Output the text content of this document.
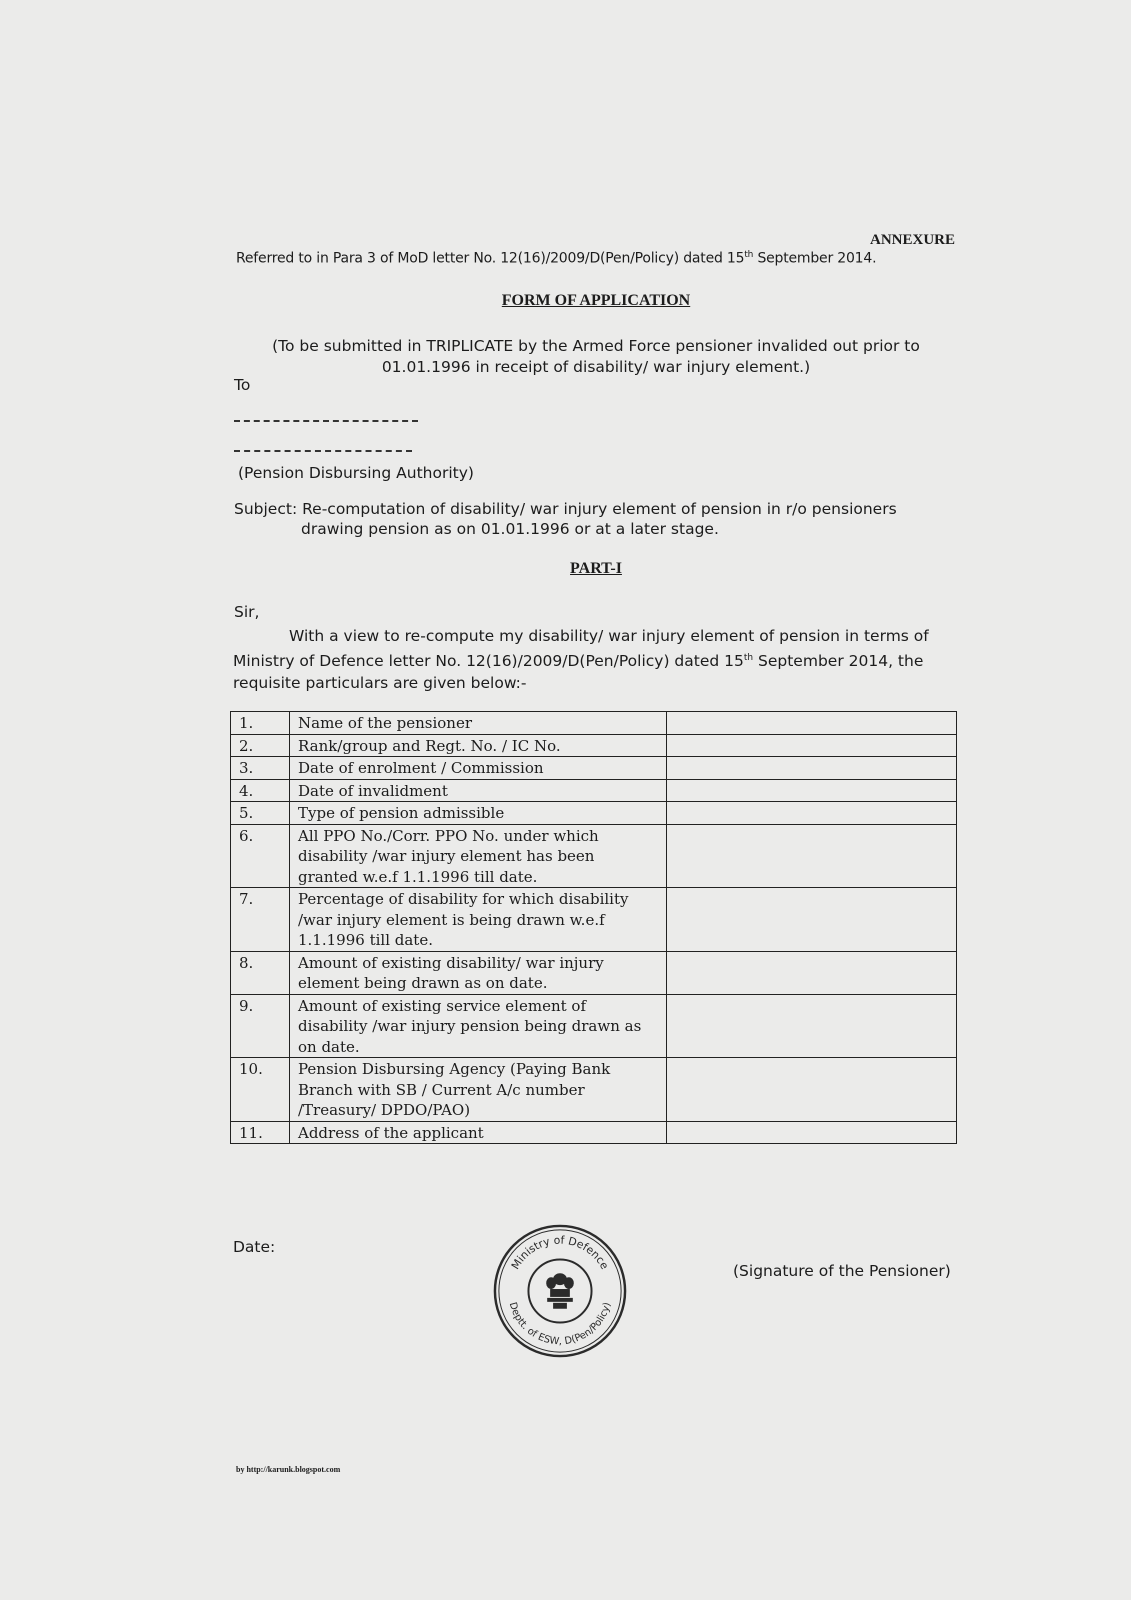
ANNEXURE
Referred to in Para 3 of MoD letter No. 12(16)/2009/D(Pen/Policy) dated 15th September 2014.
FORM OF APPLICATION
(To be submitted in TRIPLICATE by the Armed Force pensioner invalided out prior to 01.01.1996 in receipt of disability/ war injury element.)
To
(Pension Disbursing Authority)
Subject: Re-computation of disability/ war injury element of pension in r/o pensioners
drawing pension as on 01.01.1996 or at a later stage.
PART-I
Sir,
With a view to re-compute my disability/ war injury element of pension in terms of Ministry of Defence letter No. 12(16)/2009/D(Pen/Policy) dated 15th September 2014, the requisite particulars are given below:-
1.	Name of the pensioner	
2.	Rank/group and Regt. No. / IC No.	
3.	Date of enrolment / Commission	
4.	Date of invalidment	
5.	Type of pension admissible	
6.	All PPO No./Corr. PPO No. under which disability /war injury element has been granted w.e.f 1.1.1996 till date.	
7.	Percentage of disability for which disability /war injury element is being drawn w.e.f 1.1.1996 till date.	
8.	Amount of existing disability/ war injury element being drawn as on date.	
9.	Amount of existing service element of disability /war injury pension being drawn as on date.	
10.	Pension Disbursing Agency (Paying Bank Branch with SB / Current A/c number /Treasury/ DPDO/PAO)	
11.	Address of the applicant	
Date:
Ministry of Defence
Deptt. of ESW, D(Pen/Policy)
(Signature of the Pensioner)
by http://karunk.blogspot.com
